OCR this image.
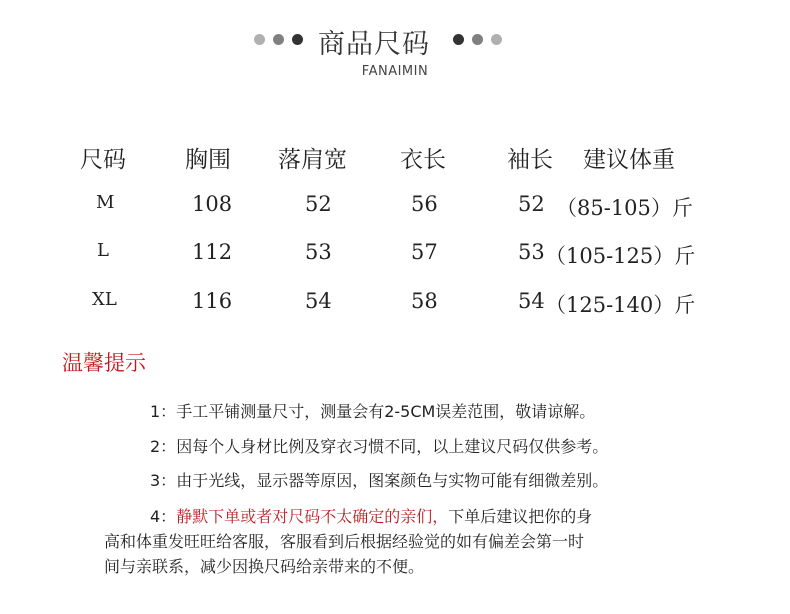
商品尺码
FANAIMIN
尺码	胸围 落肩宽 衣长	袖长 建议体重
M	108	52	56	52 （85-105）斤
L	112	53	57	53 （105-125）斤
XL	116	54	58	54 （125-140）斤
温馨提示
1：手工平铺测量尺寸，测量会有2-5CM误差范围，敬请谅解。
2：因每个人身材比例及穿衣习惯不同，以上建议尺码仅供参考。
3：由于光线，显示器等原因，图案颜色与实物可能有细微差别。
4：静默下单或者对尺码不太确定的亲们，下单后建议把你的身
高和体重发旺旺给客服，客服看到后根据经验觉的如有偏差会第一时
间与亲联系，减少因换尺码给亲带来的不便。
